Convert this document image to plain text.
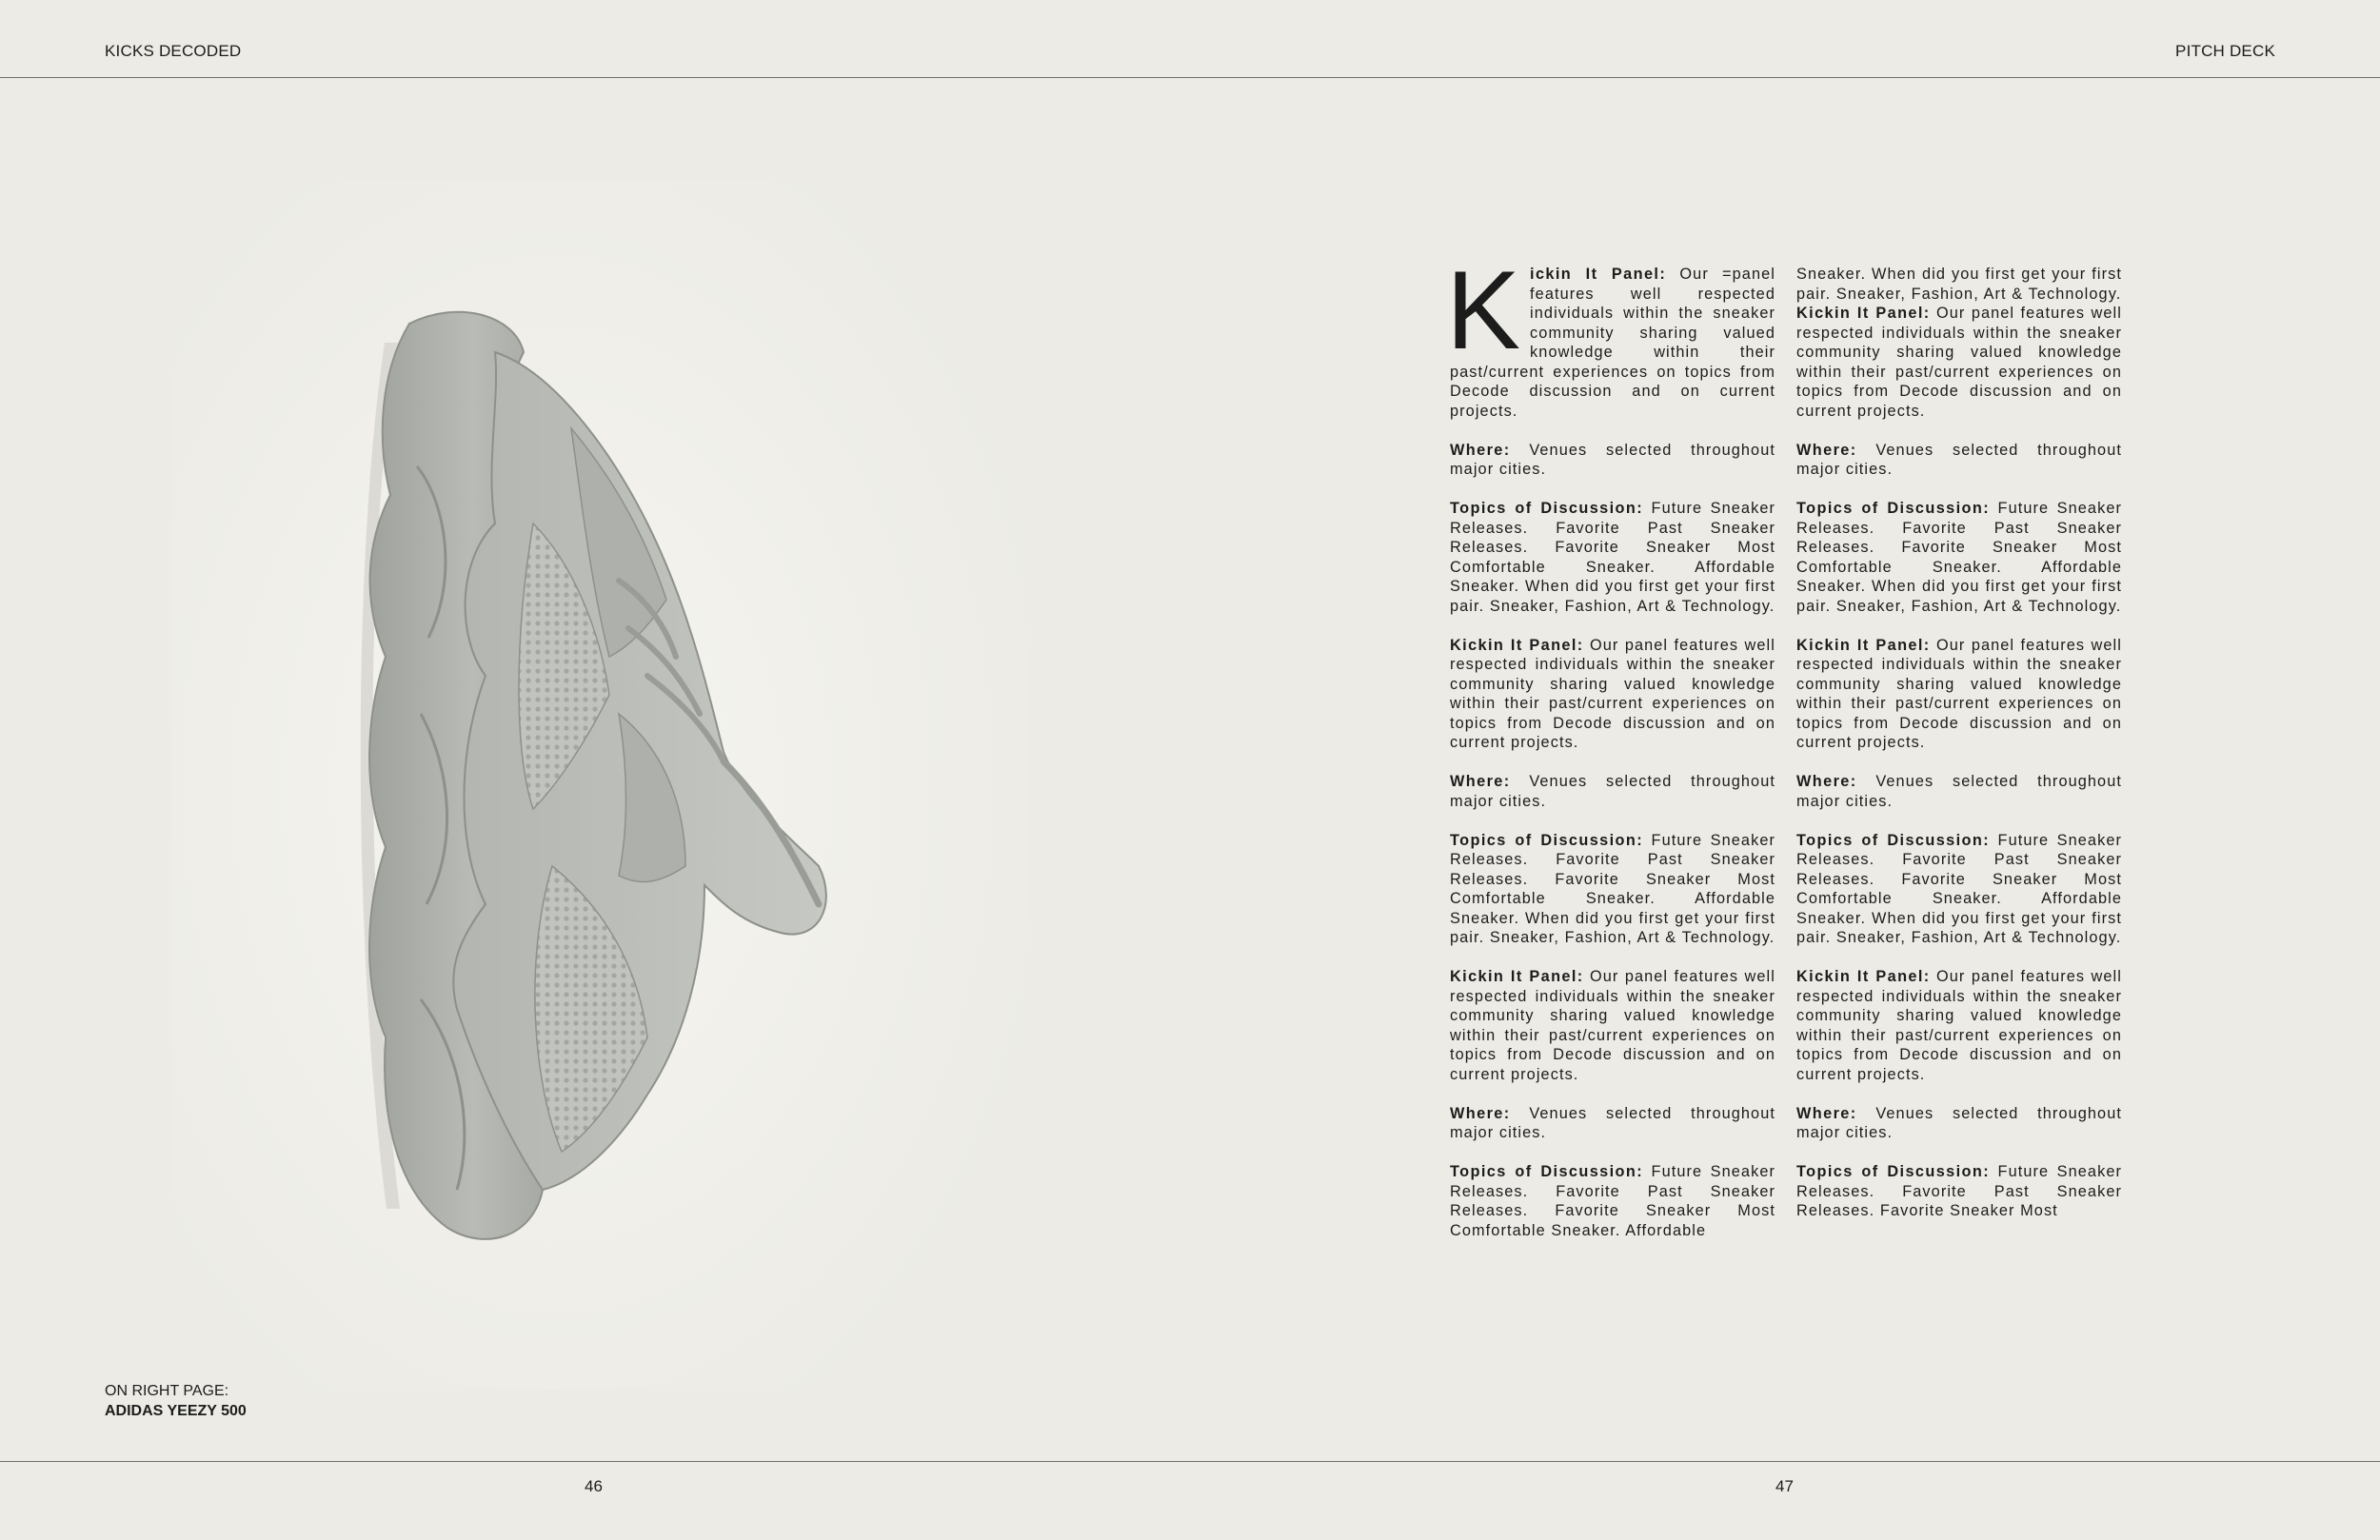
KICKS DECODED	PITCH DECK

Kickin It Panel: Our =panel features well respected individuals within the sneaker community sharing valued knowledge within their past/current experiences on topics from Decode discussion and on current projects.

Where: Venues selected throughout major cities.

Topics of Discussion: Future Sneaker Releases. Favorite Past Sneaker Releases. Favorite Sneaker Most Comfortable Sneaker. Affordable Sneaker. When did you first get your first pair. Sneaker, Fashion, Art & Technology.

Kickin It Panel: Our panel features well respected individuals within the sneaker community sharing valued knowledge within their past/current experiences on topics from Decode discussion and on current projects.

Where: Venues selected throughout major cities.

Topics of Discussion: Future Sneaker Releases. Favorite Past Sneaker Releases. Favorite Sneaker Most Comfortable Sneaker. Affordable Sneaker. When did you first get your first pair. Sneaker, Fashion, Art & Technology.

Kickin It Panel: Our panel features well respected individuals within the sneaker community sharing valued knowledge within their past/current experiences on topics from Decode discussion and on current projects.

Where: Venues selected throughout major cities.

Topics of Discussion: Future Sneaker Releases. Favorite Past Sneaker Releases. Favorite Sneaker Most Comfortable Sneaker. Affordable

Sneaker. When did you first get your first pair. Sneaker, Fashion, Art & Technology.

Kickin It Panel: Our panel features well respected individuals within the sneaker community sharing valued knowledge within their past/current experiences on topics from Decode discussion and on current projects.

Where: Venues selected throughout major cities.

Topics of Discussion: Future Sneaker Releases. Favorite Past Sneaker Releases. Favorite Sneaker Most Comfortable Sneaker. Affordable Sneaker. When did you first get your first pair. Sneaker, Fashion, Art & Technology.

Kickin It Panel: Our panel features well respected individuals within the sneaker community sharing valued knowledge within their past/current experiences on topics from Decode discussion and on current projects.

Where: Venues selected throughout major cities.

Topics of Discussion: Future Sneaker Releases. Favorite Past Sneaker Releases. Favorite Sneaker Most Comfortable Sneaker. Affordable Sneaker. When did you first get your first pair. Sneaker, Fashion, Art & Technology.

Kickin It Panel: Our panel features well respected individuals within the sneaker community sharing valued knowledge within their past/current experiences on topics from Decode discussion and on current projects.

Where: Venues selected throughout major cities.

Topics of Discussion: Future Sneaker Releases. Favorite Past Sneaker Releases. Favorite Sneaker Most

ON RIGHT PAGE:
ADIDAS YEEZY 500
46	47
